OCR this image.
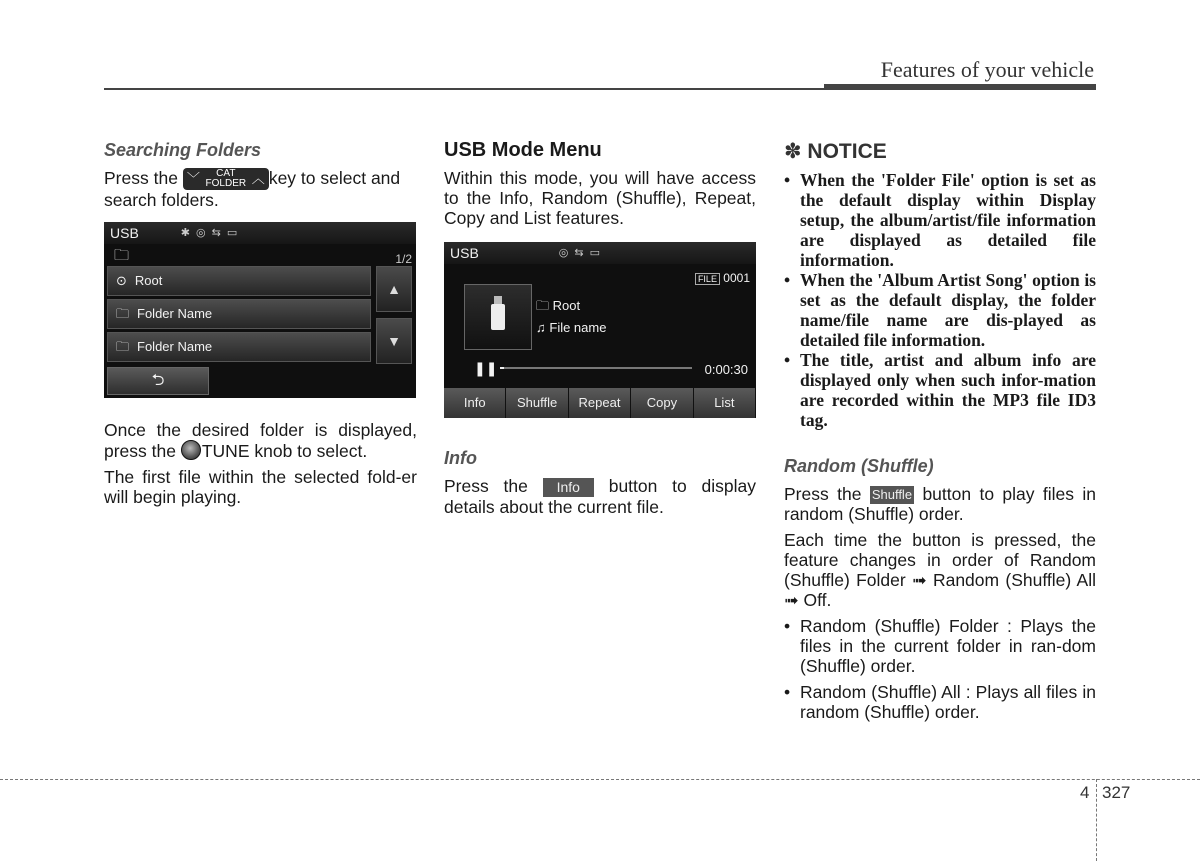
Features of your vehicle
Searching Folders

Press the ﹀	CAT
FOLDER ︿ key to select and search folders.

USB	✱◎⇆▭
🗀	1/2
⊙ Root
🗀 Folder Name
🗀 Folder Name
▲
▼
⮌

Once the desired folder is displayed, press the TUNE knob to select.

The first file within the selected fold-er will begin playing.

USB Mode Menu

Within this mode, you will have access to the Info, Random (Shuffle), Repeat, Copy and List features.

USB	◎⇆▭
FILE 0001
🗀 Root
♫ File name
❚❚	0:00:30
Info	Shuffle	Repeat	Copy	List
Info

Press the Info button to display details about the current file.

✽ NOTICE
• When the 'Folder File' option is set as the default display within Display setup, the album/artist/file information are displayed as detailed file information.
• When the 'Album Artist Song' option is set as the default display, the folder name/file name are dis-played as detailed file information.
• The title, artist and album info are displayed only when such infor-mation are recorded within the MP3 file ID3 tag.
Random (Shuffle)

Press the Shuffle button to play files in random (Shuffle) order.

Each time the button is pressed, the feature changes in order of Random (Shuffle) Folder ➟ Random (Shuffle) All ➟ Off.

• Random (Shuffle) Folder : Plays the files in the current folder in ran-dom (Shuffle) order.
• Random (Shuffle) All : Plays all files in random (Shuffle) order.
4 327
